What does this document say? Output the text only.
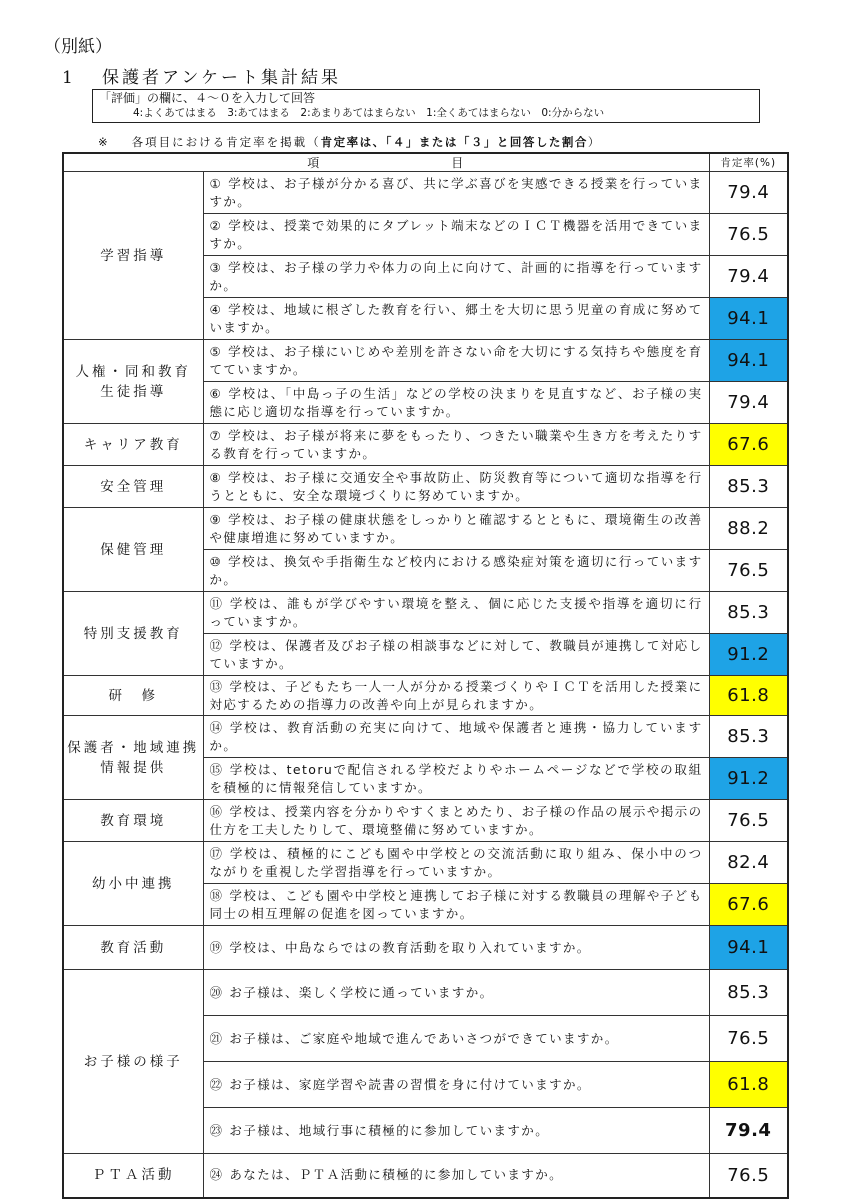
（別紙）
1 保護者アンケート集計結果
「評価」の欄に、４～０を入力して回答
4:よくあてはまる　3:あてはまる　2:あまりあてはまらない　1:全くあてはまらない　0:分からない
※ 各項目における肯定率を掲載（肯定率は、「４」または「３」と回答した割合）
項 目		肯定率(%)

学習指導	① 学校は、お子様が分かる喜び、共に学ぶ喜びを実感できる授業を行っていますか。	79.4
	② 学校は、授業で効果的にタブレット端末などのＩＣＴ機器を活用できていますか。	76.5
	③ 学校は、お子様の学力や体力の向上に向けて、計画的に指導を行っていますか。	79.4
	④ 学校は、地域に根ざした教育を行い、郷土を大切に思う児童の育成に努めていますか。	94.1

人権・同和教育
生徒指導	⑤ 学校は、お子様にいじめや差別を許さない命を大切にする気持ちや態度を育てていますか。	94.1
	⑥ 学校は、「中島っ子の生活」などの学校の決まりを見直すなど、お子様の実態に応じ適切な指導を行っていますか。	79.4

キャリア教育	⑦ 学校は、お子様が将来に夢をもったり、つきたい職業や生き方を考えたりする教育を行っていますか。	67.6

安全管理	⑧ 学校は、お子様に交通安全や事故防止、防災教育等について適切な指導を行うとともに、安全な環境づくりに努めていますか。	85.3

保健管理	⑨ 学校は、お子様の健康状態をしっかりと確認するとともに、環境衛生の改善や健康増進に努めていますか。	88.2
	⑩ 学校は、換気や手指衛生など校内における感染症対策を適切に行っていますか。	76.5

特別支援教育	⑪ 学校は、誰もが学びやすい環境を整え、個に応じた支援や指導を適切に行っていますか。	85.3
	⑫ 学校は、保護者及びお子様の相談事などに対して、教職員が連携して対応していますか。	91.2

研　修	⑬ 学校は、子どもたち一人一人が分かる授業づくりやＩＣＴを活用した授業に対応するための指導力の改善や向上が見られますか。	61.8

保護者・地域連携
情報提供	⑭ 学校は、教育活動の充実に向けて、地域や保護者と連携・協力していますか。	85.3
	⑮ 学校は、tetoruで配信される学校だよりやホームページなどで学校の取組を積極的に情報発信していますか。	91.2

教育環境	⑯ 学校は、授業内容を分かりやすくまとめたり、お子様の作品の展示や掲示の仕方を工夫したりして、環境整備に努めていますか。	76.5

幼小中連携	⑰ 学校は、積極的にこども園や中学校との交流活動に取り組み、保小中のつながりを重視した学習指導を行っていますか。	82.4
	⑱ 学校は、こども園や中学校と連携してお子様に対する教職員の理解や子ども同士の相互理解の促進を図っていますか。	67.6

教育活動	⑲ 学校は、中島ならではの教育活動を取り入れていますか。	94.1

お子様の様子	⑳ お子様は、楽しく学校に通っていますか。	85.3
	㉑ お子様は、ご家庭や地域で進んであいさつができていますか。	76.5
	㉒ お子様は、家庭学習や読書の習慣を身に付けていますか。	61.8
	㉓ お子様は、地域行事に積極的に参加していますか。	79.4

ＰＴＡ活動	㉔ あなたは、ＰＴＡ活動に積極的に参加していますか。	76.5
